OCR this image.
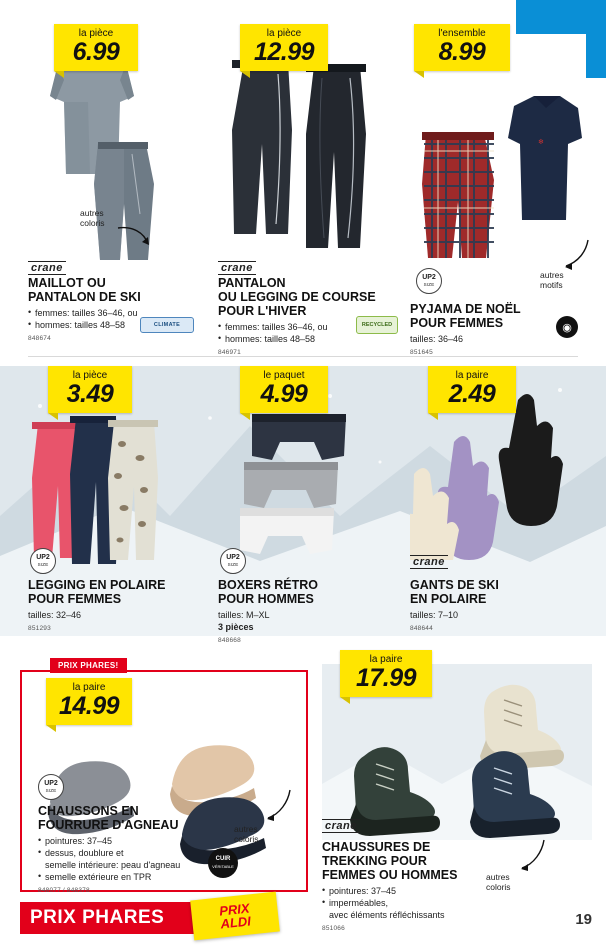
la pièce
6.99
autres
coloris
crane
MAILLOT OU
PANTALON DE SKI
• femmes: tailles 36–46, ou
• hommes: tailles 48–58
848674
CLIMATE
la pièce
12.99
crane
PANTALON
OU LEGGING DE COURSE
POUR L'HIVER
• femmes: tailles 36–46, ou
• hommes: tailles 48–58
846971
RECYCLED
❄
l'ensemble
8.99
UP2
SIZE
autres
motifs
PYJAMA DE NOËL
POUR FEMMES
tailles: 36–46
851645
◉
la pièce
3.49
UP2
SIZE
LEGGING EN POLAIRE
POUR FEMMES
tailles: 32–46
851293
le paquet
4.99
UP2
SIZE
BOXERS RÉTRO
POUR HOMMES
tailles: M–XL
3 pièces
848668
la paire
2.49
crane
GANTS DE SKI
EN POLAIRE
tailles: 7–10
848644
PRIX PHARES!
la paire
14.99
UP2
SIZE
autres
coloris
CHAUSSONS EN
FOURRURE D'AGNEAU
• pointures: 37–45
• dessus, doublure et
semelle intérieure: peau d'agneau
• semelle extérieure en TPR
848077 / 848378
CUIR
VÉRITABLE
la paire
17.99
crane
CHAUSSURES DE
TREKKING POUR
FEMMES OU HOMMES
• pointures: 37–45
• imperméables,
avec éléments réfléchissants
851066
autres
coloris
PRIX PHARES	PRIX
ALDI	19
